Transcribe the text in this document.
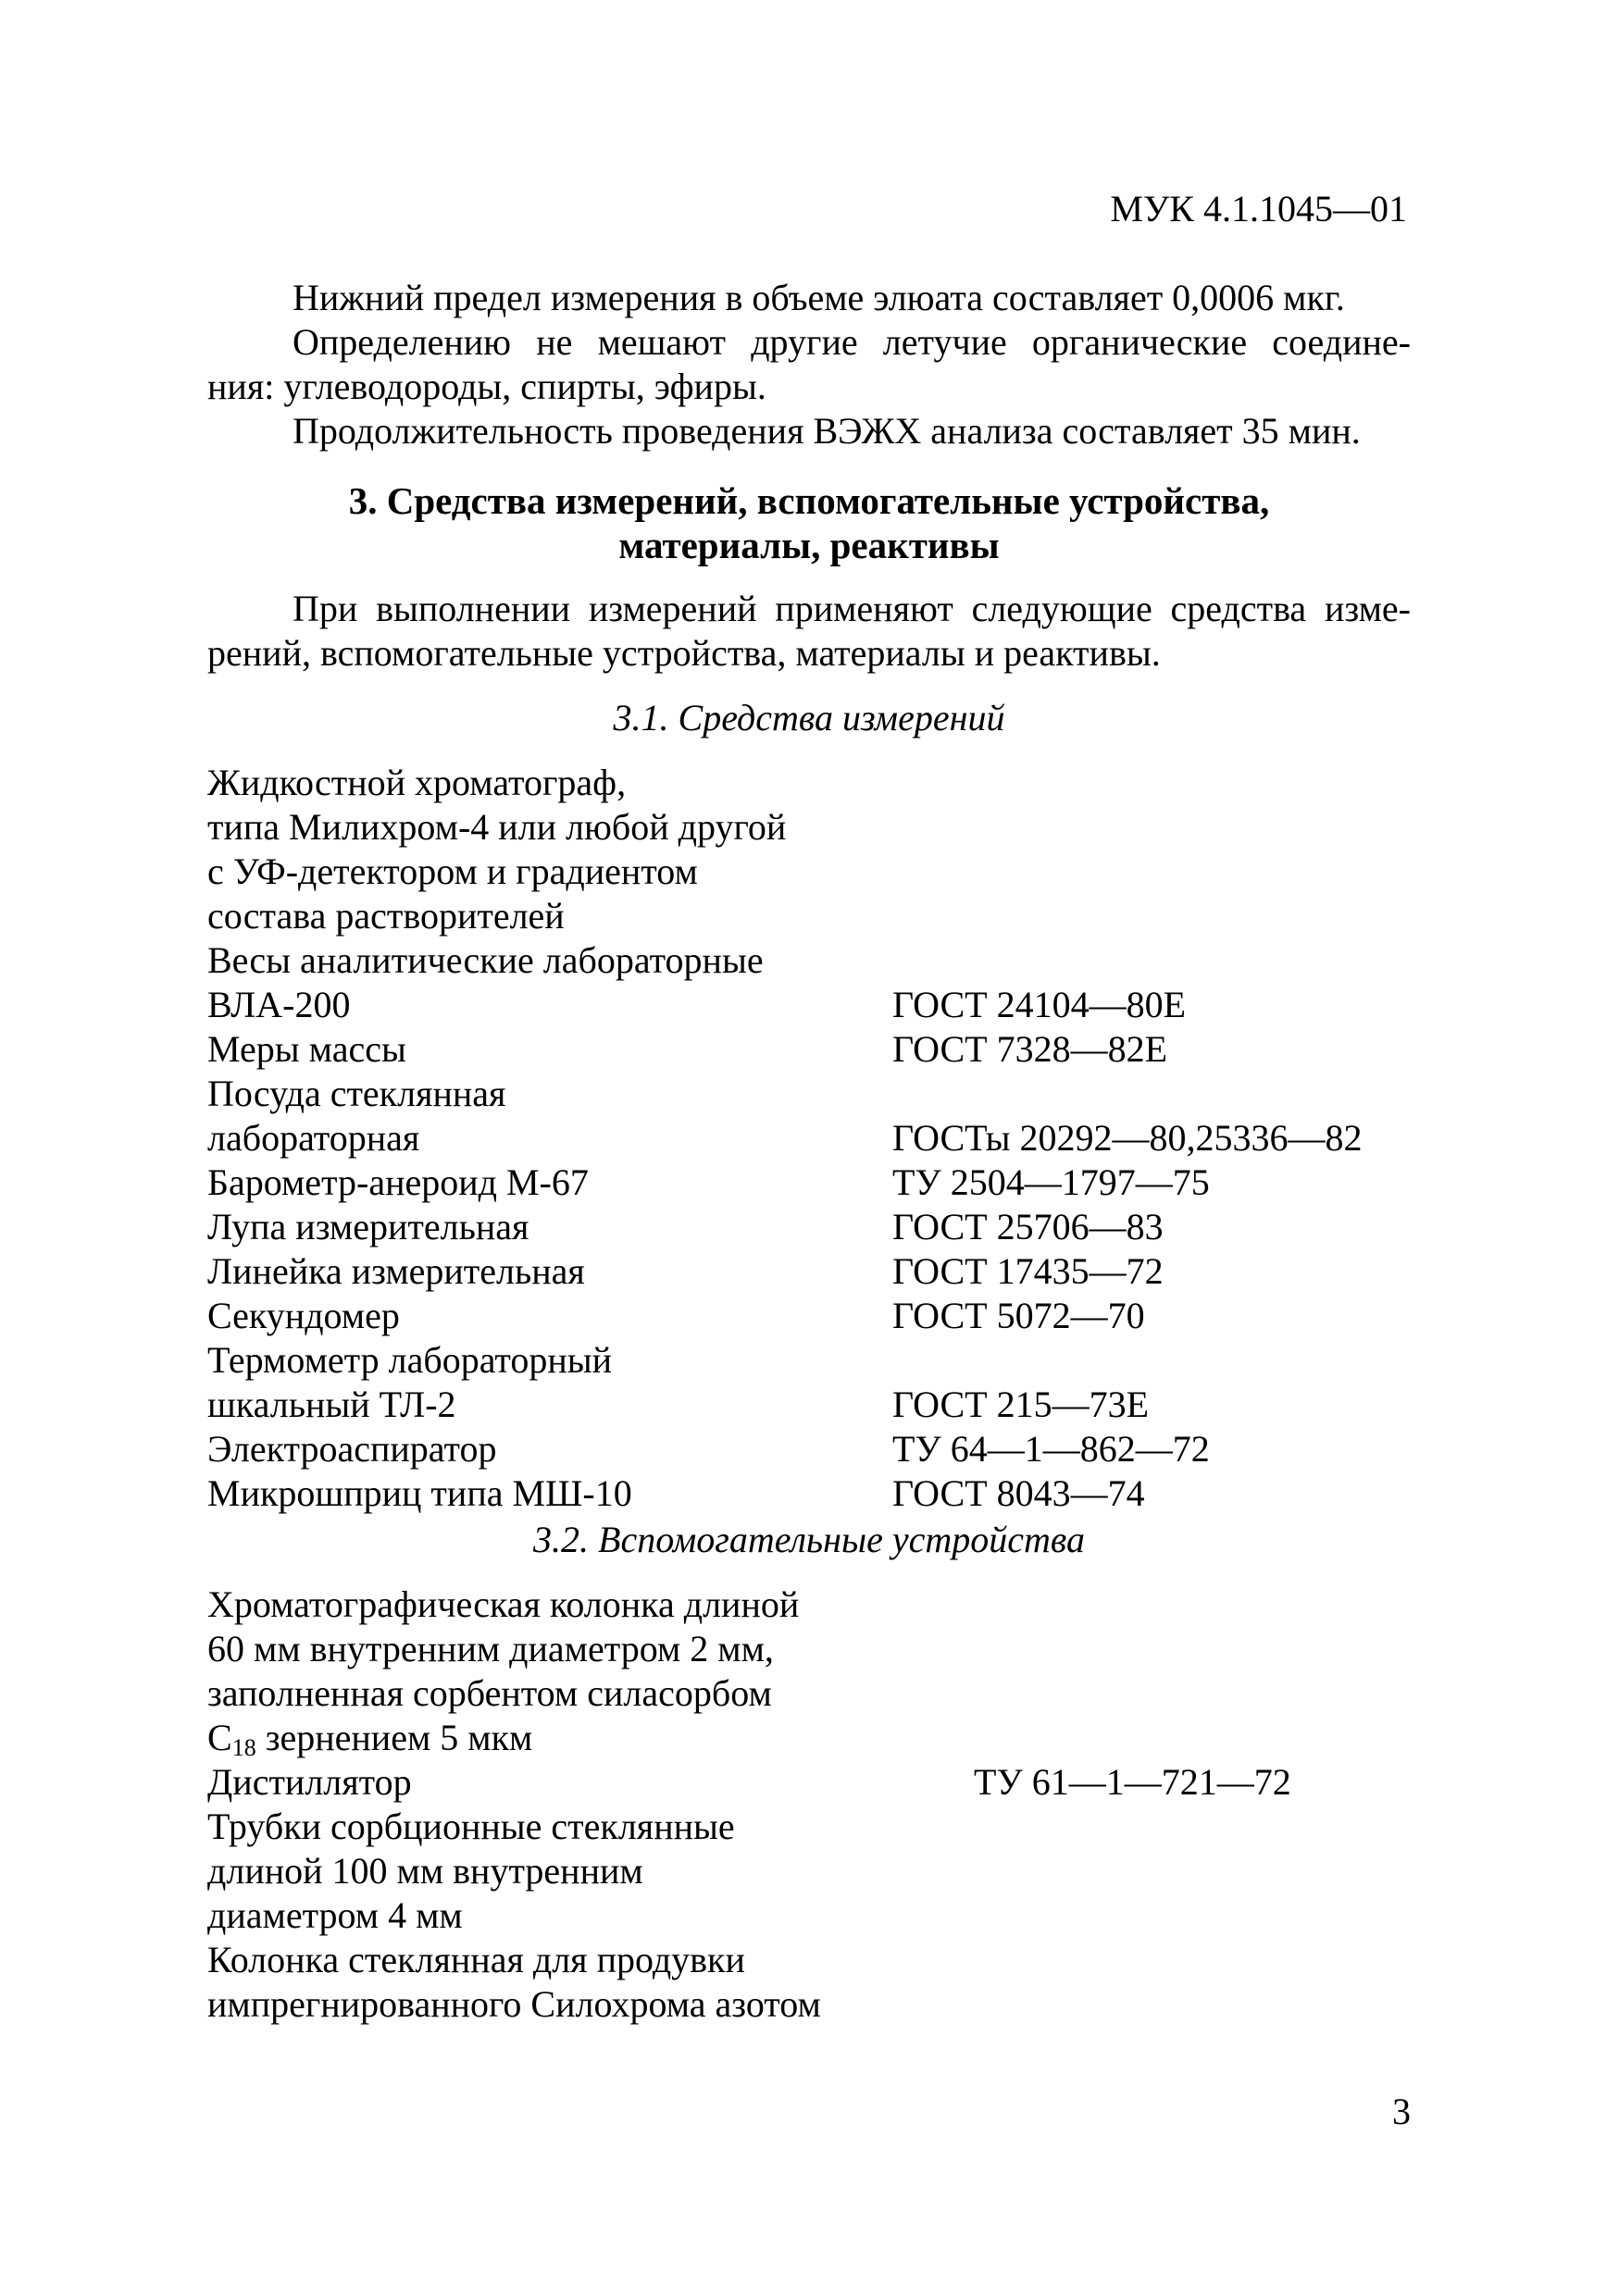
МУК 4.1.1045—01
Нижний предел измерения в объеме элюата составляет 0,0006 мкг.
Определению не мешают другие летучие органические соедине-
ния: углеводороды, спирты, эфиры.
Продолжительность проведения ВЭЖХ анализа составляет 35 мин.
3. Средства измерений, вспомогательные устройства,
материалы, реактивы
При выполнении измерений применяют следующие средства изме-
рений, вспомогательные устройства, материалы и реактивы.
3.1. Средства измерений
Жидкостной хроматограф,
типа Милихром-4 или любой другой
с УФ-детектором и градиентом
состава растворителей
Весы аналитические лабораторные
ВЛА-200	ГОСТ 24104—80Е
Меры массы	ГОСТ 7328—82Е
Посуда стеклянная
лабораторная	ГОСТы 20292—80,25336—82
Барометр-анероид М-67	ТУ 2504—1797—75
Лупа измерительная	ГОСТ 25706—83
Линейка измерительная	ГОСТ 17435—72
Секундомер	ГОСТ 5072—70
Термометр лабораторный
шкальный ТЛ-2	ГОСТ 215—73Е
Электроаспиратор	ТУ 64—1—862—72
Микрошприц типа МШ-10	ГОСТ 8043—74
3.2. Вспомогательные устройства
Хроматографическая колонка длиной
60 мм внутренним диаметром 2 мм,
заполненная сорбентом силасорбом
$С_{18}$ зернением 5 мкм
Дистиллятор	ТУ 61—1—721—72
Трубки сорбционные стеклянные
длиной 100 мм внутренним
диаметром 4 мм
Колонка стеклянная для продувки
импрегнированного Силохрома азотом
3
